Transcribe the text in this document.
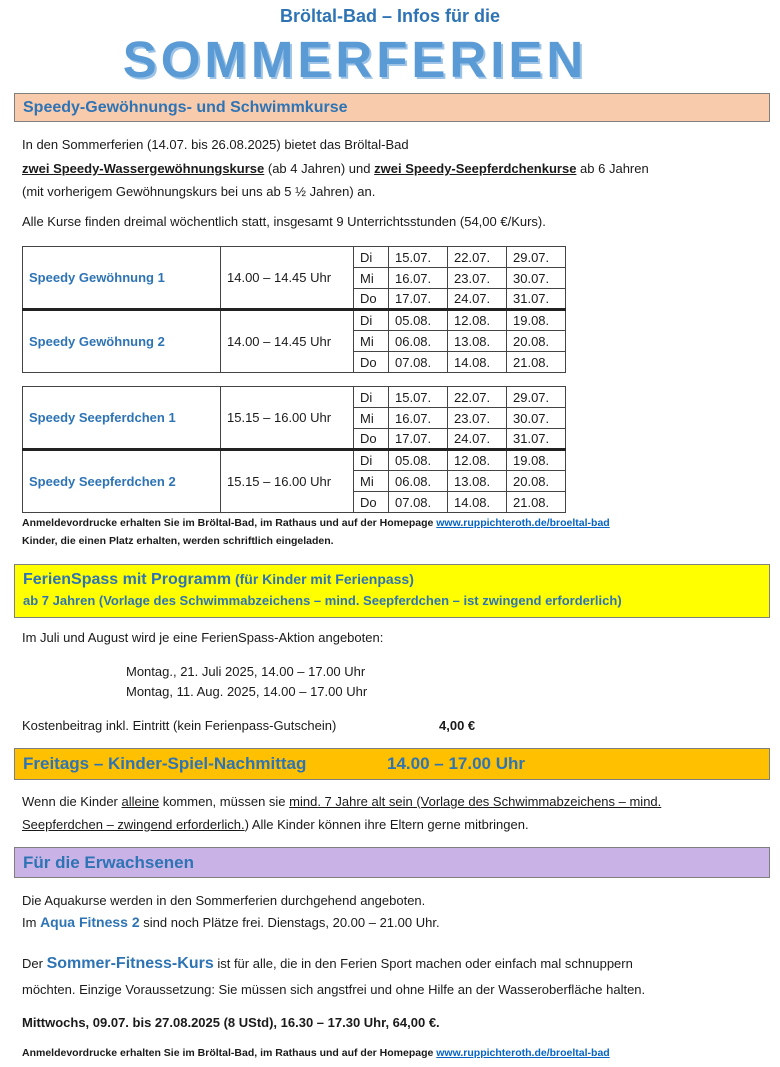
Bröltal-Bad – Infos für die
SOMMERFERIEN
Speedy-Gewöhnungs- und Schwimmkurse
In den Sommerferien (14.07. bis 26.08.2025) bietet das Bröltal-Bad
zwei Speedy-Wassergewöhnungskurse (ab 4 Jahren) und zwei Speedy-Seepferdchenkurse ab 6 Jahren
(mit vorherigem Gewöhnungskurs bei uns ab 5 ½ Jahren) an.
Alle Kurse finden dreimal wöchentlich statt, insgesamt 9 Unterrichtsstunden (54,00 €/Kurs).
Speedy Gewöhnung 1	14.00 – 14.45 Uhr	Di	15.07.	22.07.	29.07.
		Mi	16.07.	23.07.	30.07.
		Do	17.07.	24.07.	31.07.
Speedy Gewöhnung 2	14.00 – 14.45 Uhr	Di	05.08.	12.08.	19.08.
		Mi	06.08.	13.08.	20.08.
		Do	07.08.	14.08.	21.08.
Speedy Seepferdchen 1	15.15 – 16.00 Uhr	Di	15.07.	22.07.	29.07.
		Mi	16.07.	23.07.	30.07.
		Do	17.07.	24.07.	31.07.
Speedy Seepferdchen 2	15.15 – 16.00 Uhr	Di	05.08.	12.08.	19.08.
		Mi	06.08.	13.08.	20.08.
		Do	07.08.	14.08.	21.08.
Anmeldevordrucke erhalten Sie im Bröltal-Bad, im Rathaus und auf der Homepage www.ruppichteroth.de/broeltal-bad
Kinder, die einen Platz erhalten, werden schriftlich eingeladen.
FerienSpass mit Programm (für Kinder mit Ferienpass)
ab 7 Jahren (Vorlage des Schwimmabzeichens – mind. Seepferdchen – ist zwingend erforderlich)
Im Juli und August wird je eine FerienSpass-Aktion angeboten:
Montag., 21. Juli 2025, 14.00 – 17.00 Uhr
Montag, 11. Aug. 2025, 14.00 – 17.00 Uhr
Kostenbeitrag inkl. Eintritt (kein Ferienpass-Gutschein)	4,00 €
Freitags – Kinder-Spiel-Nachmittag	14.00 – 17.00 Uhr
Wenn die Kinder alleine kommen, müssen sie mind. 7 Jahre alt sein (Vorlage des Schwimmabzeichens – mind.
Seepferdchen – zwingend erforderlich.) Alle Kinder können ihre Eltern gerne mitbringen.
Für die Erwachsenen
Die Aquakurse werden in den Sommerferien durchgehend angeboten.
Im Aqua Fitness 2 sind noch Plätze frei. Dienstags, 20.00 – 21.00 Uhr.
Der Sommer-Fitness-Kurs ist für alle, die in den Ferien Sport machen oder einfach mal schnuppern
möchten. Einzige Voraussetzung: Sie müssen sich angstfrei und ohne Hilfe an der Wasseroberfläche halten.
Mittwochs, 09.07. bis 27.08.2025 (8 UStd), 16.30 – 17.30 Uhr, 64,00 €.
Anmeldevordrucke erhalten Sie im Bröltal-Bad, im Rathaus und auf der Homepage www.ruppichteroth.de/broeltal-bad
